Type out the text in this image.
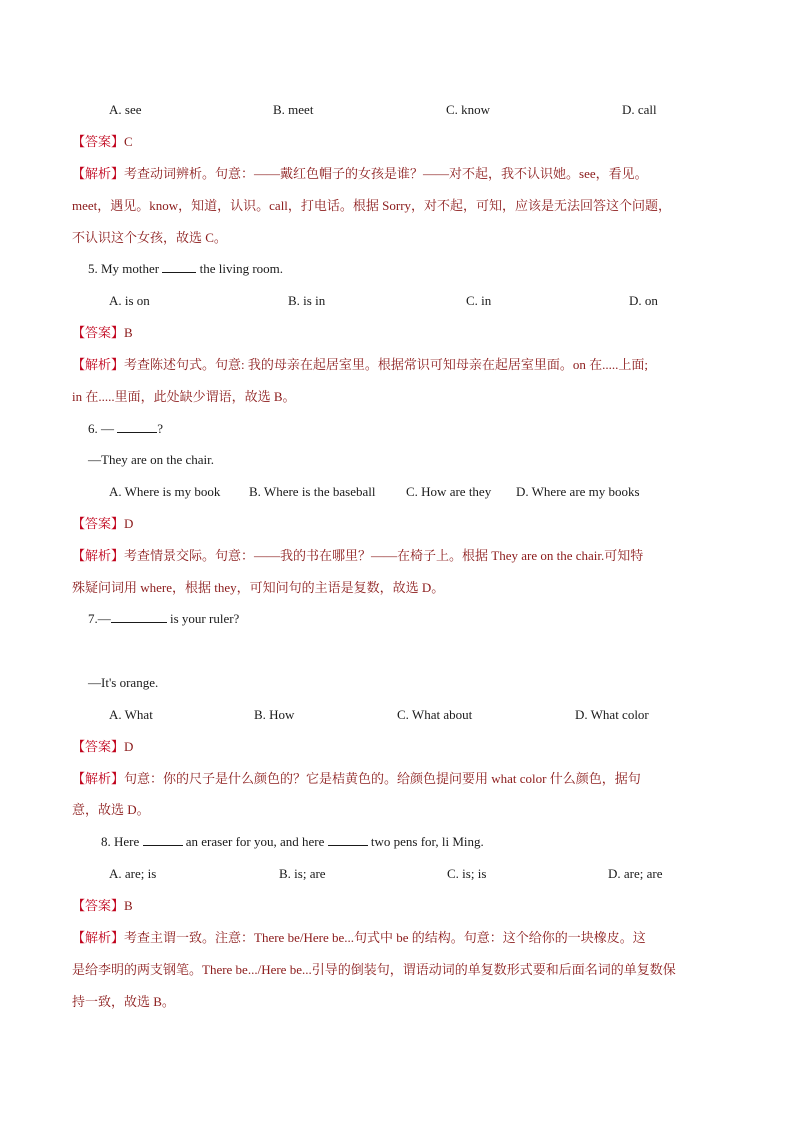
A. see	B. meet	C. know	D. call
【答案】C
【解析】考查动词辨析。句意：——戴红色帽子的女孩是谁？——对不起，我不认识她。see，看见。
meet，遇见。know，知道，认识。call，打电话。根据 Sorry，对不起，可知，应该是无法回答这个问题，
不认识这个女孩，故选 C。
5. My mother	the living room.
A. is on	B. is in	C. in	D. on
【答案】B
【解析】考查陈述句式。句意: 我的母亲在起居室里。根据常识可知母亲在起居室里面。on 在.....上面;
in 在.....里面，此处缺少谓语，故选 B。
6. —	?
—They are on the chair.
A. Where is my book B. Where is the baseball C. How are they D. Where are my books
【答案】D
【解析】考查情景交际。句意：——我的书在哪里？——在椅子上。根据 They are on the chair.可知特
殊疑问词用 where，根据 they，可知问句的主语是复数，故选 D。
7.—	is your ruler?
—It's orange.
A. What	B. How	C. What about	D. What color
【答案】D
【解析】句意：你的尺子是什么颜色的？它是桔黄色的。给颜色提问要用 what color 什么颜色，据句
意，故选 D。
8. Here	an eraser for you, and here	two pens for, li Ming.
A. are; is	B. is; are	C. is; is	D. are; are
【答案】B
【解析】考查主谓一致。注意：There be/Here be...句式中 be 的结构。句意：这个给你的一块橡皮。这
是给李明的两支钢笔。There be.../Here be...引导的倒装句，谓语动词的单复数形式要和后面名词的单复数保
持一致，故选 B。
